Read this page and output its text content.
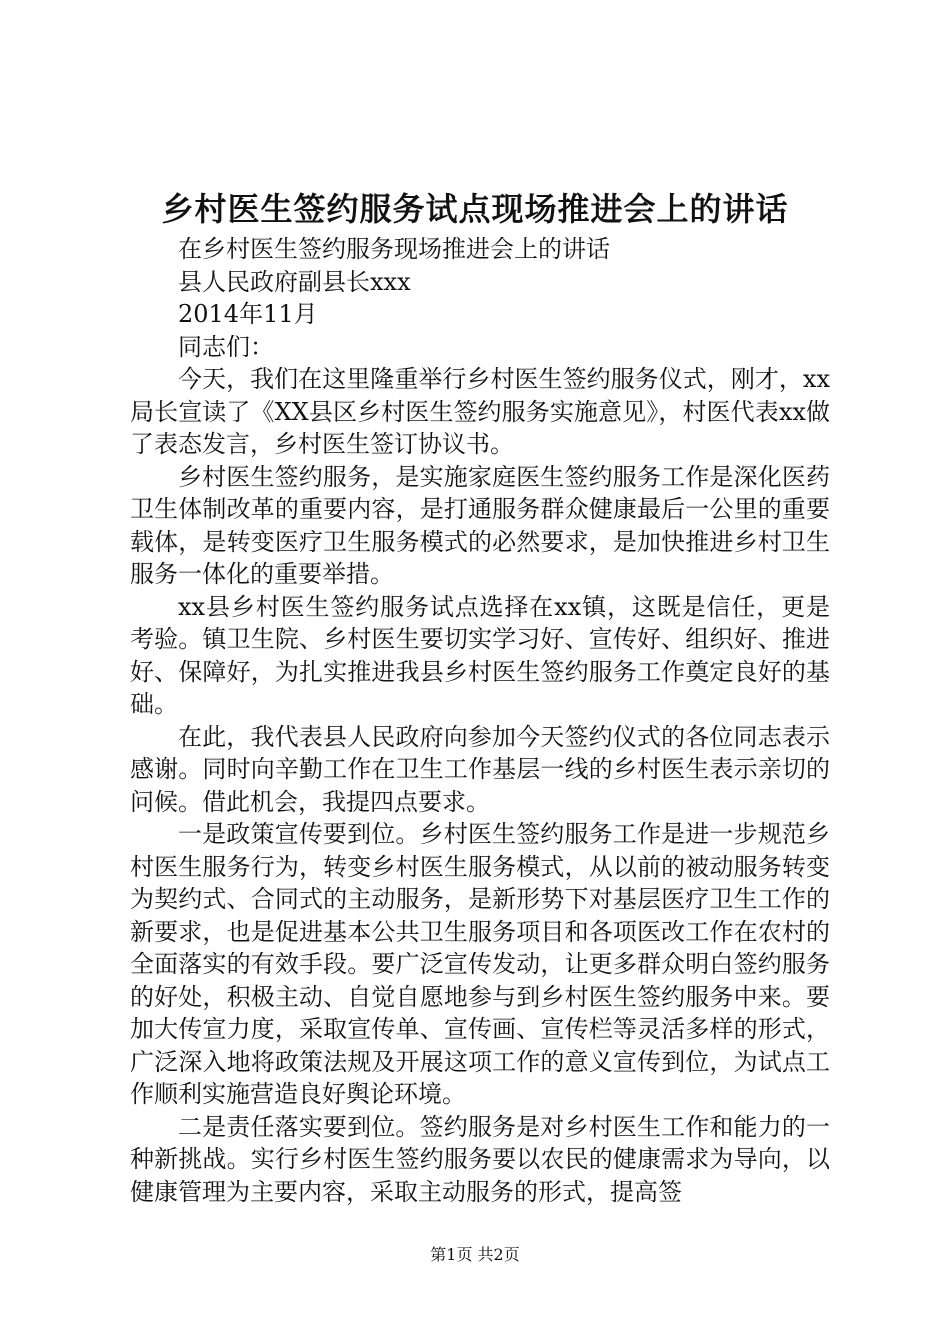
乡村医生签约服务试点现场推进会上的讲话

在乡村医生签约服务现场推进会上的讲话

县人民政府副县长xxx

2014年11月

同志们：

今天，我们在这里隆重举行乡村医生签约服务仪式，刚才，xx局长宣读了《XX县区乡村医生签约服务实施意见》，村医代表xx做了表态发言，乡村医生签订协议书。

乡村医生签约服务，是实施家庭医生签约服务工作是深化医药卫生体制改革的重要内容，是打通服务群众健康最后一公里的重要载体，是转变医疗卫生服务模式的必然要求，是加快推进乡村卫生服务一体化的重要举措。

xx县乡村医生签约服务试点选择在xx镇，这既是信任，更是考验。镇卫生院、乡村医生要切实学习好、宣传好、组织好、推进好、保障好，为扎实推进我县乡村医生签约服务工作奠定良好的基础。

在此，我代表县人民政府向参加今天签约仪式的各位同志表示感谢。同时向辛勤工作在卫生工作基层一线的乡村医生表示亲切的问候。借此机会，我提四点要求。

一是政策宣传要到位。乡村医生签约服务工作是进一步规范乡村医生服务行为，转变乡村医生服务模式，从以前的被动服务转变为契约式、合同式的主动服务，是新形势下对基层医疗卫生工作的新要求，也是促进基本公共卫生服务项目和各项医改工作在农村的全面落实的有效手段。要广泛宣传发动，让更多群众明白签约服务的好处，积极主动、自觉自愿地参与到乡村医生签约服务中来。要加大传宣力度，采取宣传单、宣传画、宣传栏等灵活多样的形式，广泛深入地将政策法规及开展这项工作的意义宣传到位，为试点工作顺利实施营造良好舆论环境。

二是责任落实要到位。签约服务是对乡村医生工作和能力的一种新挑战。实行乡村医生签约服务要以农民的健康需求为导向，以健康管理为主要内容，采取主动服务的形式，提高签

第1页 共2页
